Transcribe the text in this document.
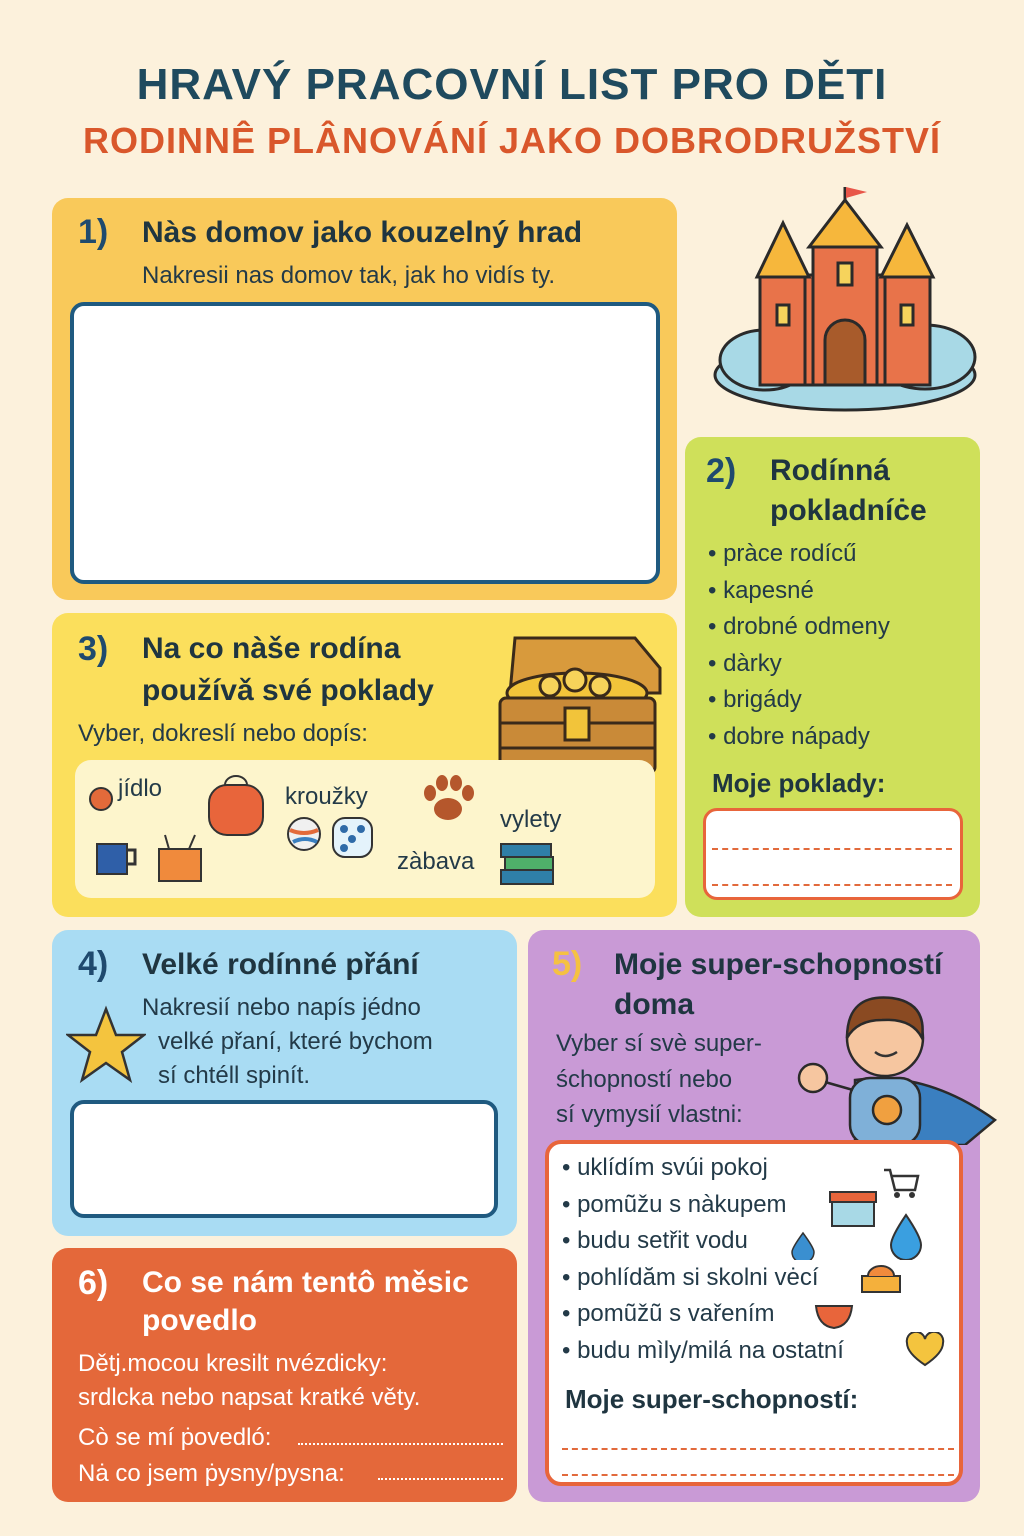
HRAVÝ PRACOVNÍ LIST PRO DĚTI
RODINNÊ PLÂNOVÁNÍ JAKO DOBRODRUŽSTVÍ
1) Nàs domov jako kouzelný hrad
Nakresii nas domov tak, jak ho vidís ty.
2) Rodínná
pokladníċe
• pràce rodícű
• kapesné
• drobné odmeny
• dàrky
• brigády
• dobre nápady
Moje poklady:
3) Na co nàše rodína
používǎ své poklady
Vyber, dokreslí nebo dopís:
jídlo	kroužky
vylety
zàbava
4) Velké rodínné přání
Nakresií nebo napís jédno
velké přaní, které bychom
sí chtéll spinít.
5) Moje super-schopností
doma
Vyber sí svè super-
śchopností nebo
sí vymysií vlastni:
• uklídím svúi pokoj
• pomũžu s nàkupem
• budu setřit vodu
• pohlídăm si skolni vėcí
• pomũžũ s vařením
• budu mìly/milá na ostatní
Moje super-schopností:
6) Co se nám tentô měsic
povedlo
Dětj.mocou kresilt nvézdicky:
srdlcka nebo napsat kratké věty.
Cò se mí ṗovedló:
Nȧ co jsem ṗysny/pysna:
